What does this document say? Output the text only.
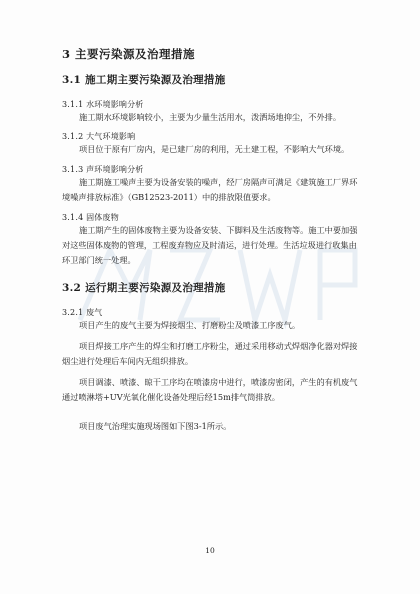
3 主要污染源及治理措施
3.1 施工期主要污染源及治理措施
3.1.1 水环境影响分析
施工期水环境影响较小，主要为少量生活用水，泼洒场地抑尘，不外排。
3.1.2 大气环境影响
项目位于原有厂房内，是已建厂房的利用，无土建工程，不影响大气环境。
3.1.3 声环境影响分析
施工期施工噪声主要为设备安装的噪声，经厂房隔声可满足《建筑施工厂界环境噪声排放标准》（GB12523-2011）中的排放限值要求。
3.1.4 固体废物
施工期产生的固体废物主要为设备安装、下脚料及生活废物等。施工中要加强对这些固体废物的管理，工程废弃物应及时清运，进行处理。生活垃圾进行收集由环卫部门统一处理。
3.2 运行期主要污染源及治理措施
3.2.1 废气
项目产生的废气主要为焊接烟尘、打磨粉尘及喷漆工序废气。
项目焊接工序产生的焊尘和打磨工序粉尘，通过采用移动式焊烟净化器对焊接烟尘进行处理后车间内无组织排放。
项目调漆、喷漆、晾干工序均在喷漆房中进行，喷漆房密闭，产生的有机废气通过喷淋塔+UV光氧化催化设备处理后经15m排气筒排放。
项目废气治理实施现场图如下图3-1所示。
10
